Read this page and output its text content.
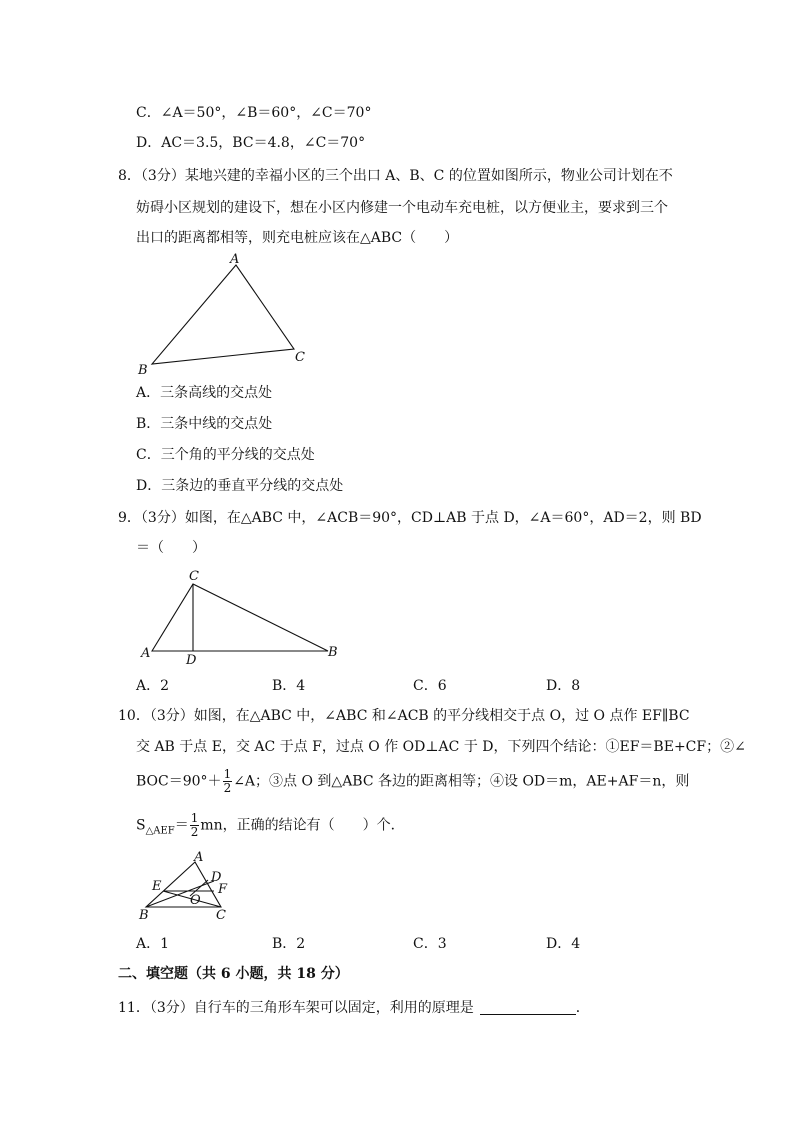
C．∠A＝50°，∠B＝60°，∠C＝70°
D．AC＝3.5，BC＝4.8，∠C＝70°
8．（3分）某地兴建的幸福小区的三个出口 A、B、C 的位置如图所示，物业公司计划在不
妨碍小区规划的建设下，想在小区内修建一个电动车充电桩，以方便业主，要求到三个
出口的距离都相等，则充电桩应该在△ABC（　　）
A
B
C
A．三条高线的交点处
B．三条中线的交点处
C．三个角的平分线的交点处
D．三条边的垂直平分线的交点处
9．（3分）如图，在△ABC 中，∠ACB＝90°，CD⊥AB 于点 D，∠A＝60°，AD＝2，则 BD
＝（　　）
C
A	D
B
A．2	B．4	C．6	D．8
10．（3分）如图，在△ABC 中，∠ABC 和∠ACB 的平分线相交于点 O，过 O 点作 EF∥BC
交 AB 于点 E，交 AC 于点 F，过点 O 作 OD⊥AC 于 D，下列四个结论：①EF＝BE+CF；②∠
$BOC=90^\circ+ \frac{1}{2}$ ∠A；③点 O 到△ABC 各边的距离相等；④设 OD＝m，AE+AF＝n，则
$S_{\triangle AEF}= \frac{1}{2}$ mn，正确的结论有（　　）个．
A
E
D
F
O
B	C
A．1	B．2	C．3	D．4
二、填空题（共 6 小题，共 18 分）
11．（3分）自行车的三角形车架可以固定，利用的原理是	．
